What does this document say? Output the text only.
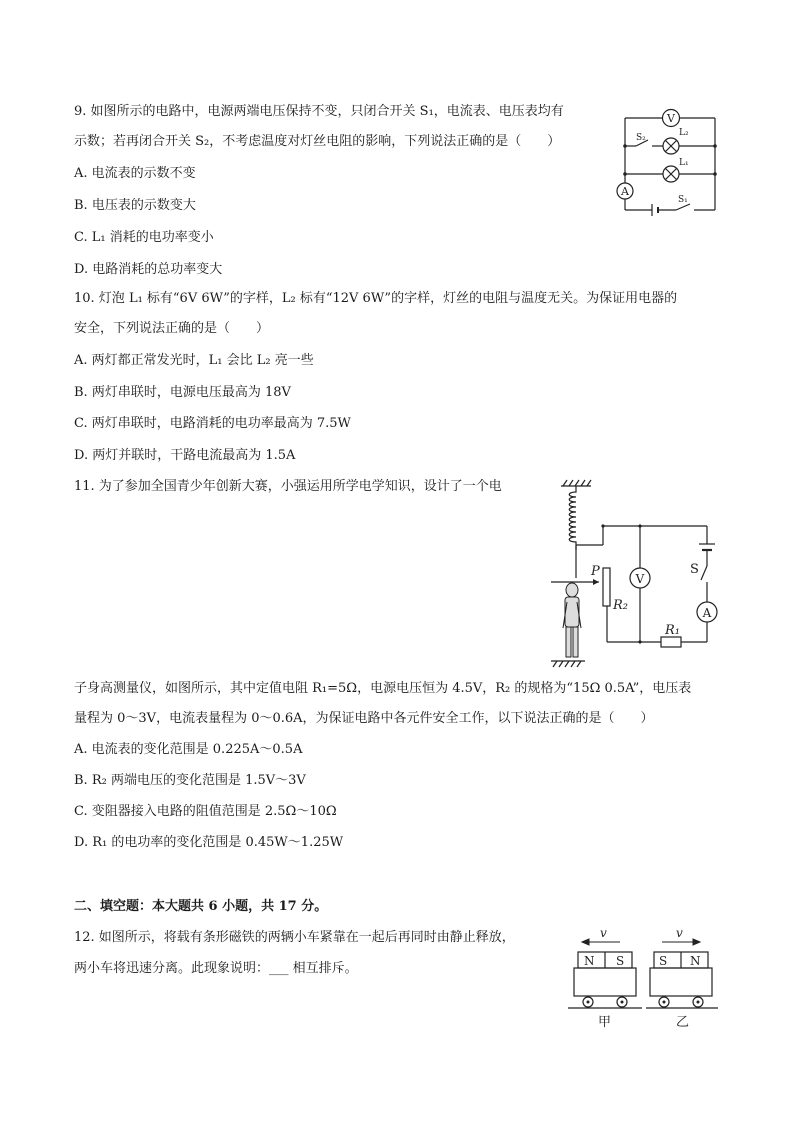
9. 如图所示的电路中，电源两端电压保持不变，只闭合开关 S₁，电流表、电压表均有
示数；若再闭合开关 S₂，不考虑温度对灯丝电阻的影响，下列说法正确的是（　　）
A. 电流表的示数不变
B. 电压表的示数变大
C. L₁ 消耗的电功率变小
D. 电路消耗的总功率变大
V
A
S₂	L₂
L₁
S₁
10. 灯泡 L₁ 标有“6V 6W”的字样，L₂ 标有“12V 6W”的字样，灯丝的电阻与温度无关。为保证用电器的
安全，下列说法正确的是（　　）
A. 两灯都正常发光时，L₁ 会比 L₂ 亮一些
B. 两灯串联时，电源电压最高为 18V
C. 两灯串联时，电路消耗的电功率最高为 7.5W
D. 两灯并联时，干路电流最高为 1.5A
11. 为了参加全国青少年创新大赛，小强运用所学电学知识，设计了一个电
V
A
P
R₂
R₁
S
子身高测量仪，如图所示，其中定值电阻 R₁=5Ω，电源电压恒为 4.5V，R₂ 的规格为“15Ω 0.5A”，电压表
量程为 0～3V，电流表量程为 0～0.6A，为保证电路中各元件安全工作，以下说法正确的是（　　）
A. 电流表的变化范围是 0.225A～0.5A
B. R₂ 两端电压的变化范围是 1.5V～3V
C. 变阻器接入电路的阻值范围是 2.5Ω～10Ω
D. R₁ 的电功率的变化范围是 0.45W～1.25W
二、填空题：本大题共 6 小题，共 17 分。
12. 如图所示，将载有条形磁铁的两辆小车紧靠在一起后再同时由静止释放，
两小车将迅速分离。此现象说明：___ 相互排斥。
v	v
N S	S N
甲	乙
